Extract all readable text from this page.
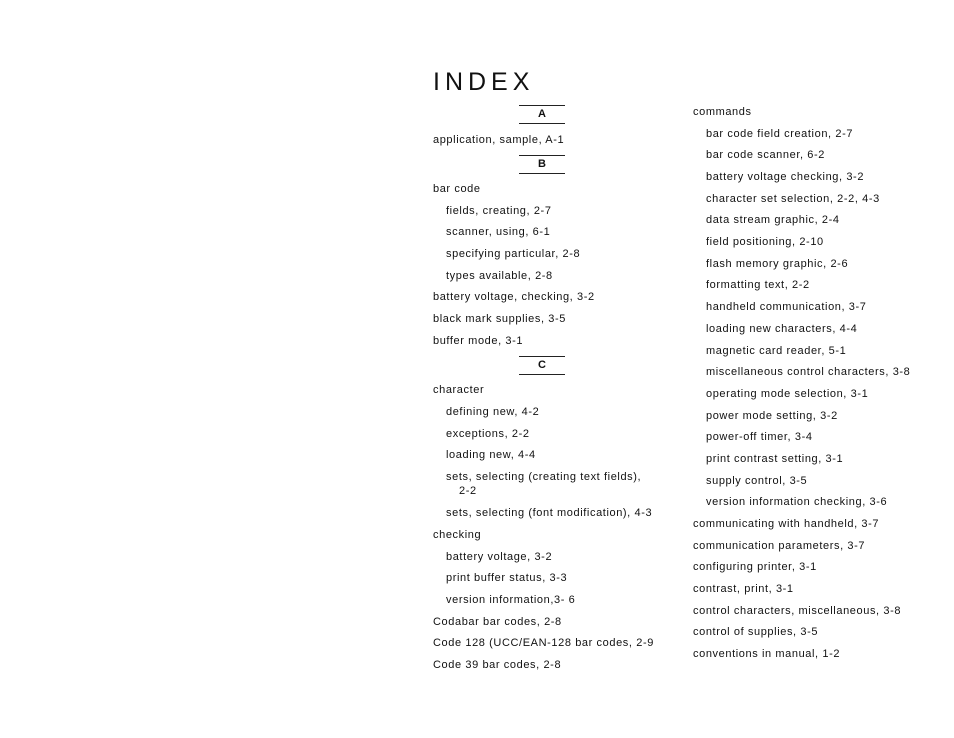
INDEX
A
application, sample, A-1
B
bar code
fields, creating, 2-7
scanner, using, 6-1
specifying particular, 2-8
types available, 2-8
battery voltage, checking, 3-2
black mark supplies, 3-5
buffer mode, 3-1
C
character
defining new, 4-2
exceptions, 2-2
loading new, 4-4
sets, selecting (creating text fields),
2-2
sets, selecting (font modification), 4-3
checking
battery voltage, 3-2
print buffer status, 3-3
version information,3- 6
Codabar bar codes, 2-8
Code 128 (UCC/EAN-128 bar codes, 2-9
Code 39 bar codes, 2-8
commands
bar code field creation, 2-7
bar code scanner, 6-2
battery voltage checking, 3-2
character set selection, 2-2, 4-3
data stream graphic, 2-4
field positioning, 2-10
flash memory graphic, 2-6
formatting text, 2-2
handheld communication, 3-7
loading new characters, 4-4
magnetic card reader, 5-1
miscellaneous control characters, 3-8
operating mode selection, 3-1
power mode setting, 3-2
power-off timer, 3-4
print contrast setting, 3-1
supply control, 3-5
version information checking, 3-6
communicating with handheld, 3-7
communication parameters, 3-7
configuring printer, 3-1
contrast, print, 3-1
control characters, miscellaneous, 3-8
control of supplies, 3-5
conventions in manual, 1-2
